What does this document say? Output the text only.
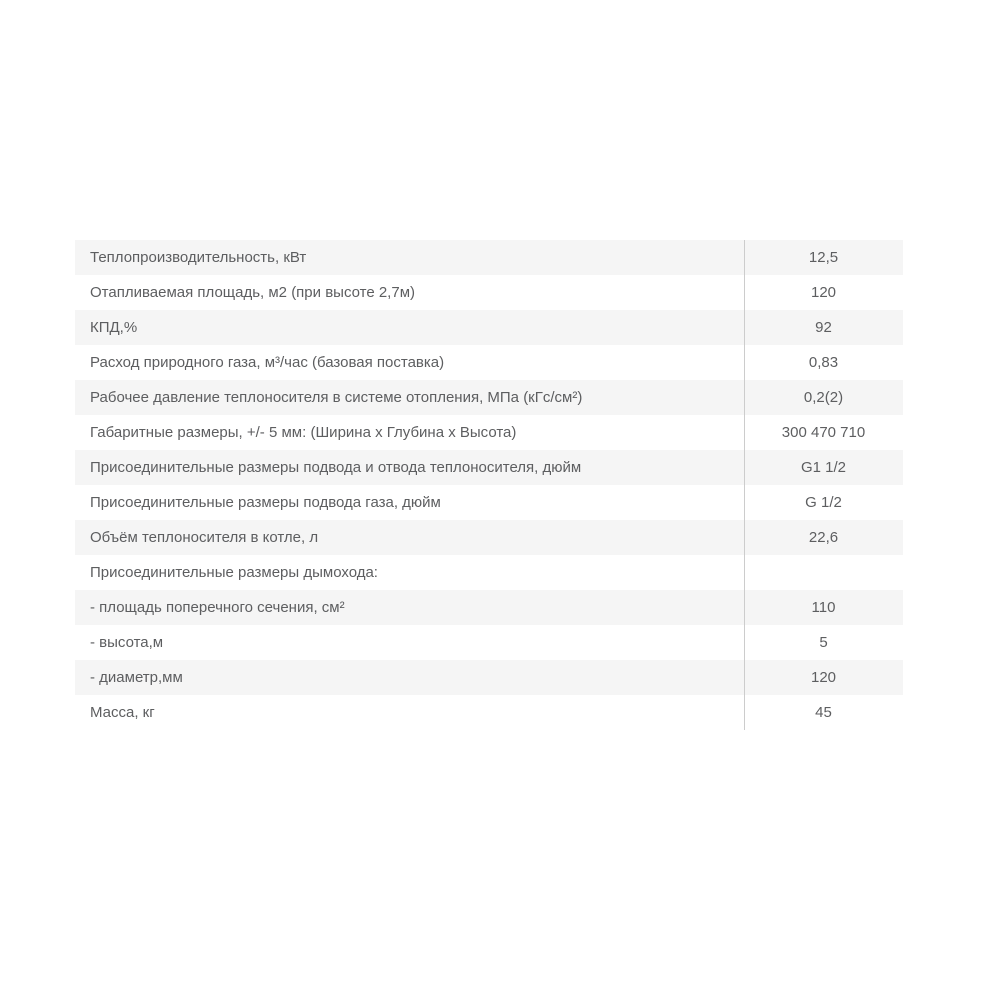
Теплопроизводительность, кВт	12,5
Отапливаемая площадь, м2 (при высоте 2,7м)	120
КПД,%	92
Расход природного газа, м³/час (базовая поставка)	0,83
Рабочее давление теплоносителя в системе отопления, МПа (кГс/см²)	0,2(2)
Габаритные размеры, +/- 5 мм: (Ширина х Глубина х Высота)	300 470 710
Присоединительные размеры подвода и отвода теплоносителя, дюйм	G1 1/2
Присоединительные размеры подвода газа, дюйм	G 1/2
Объём теплоносителя в котле, л	22,6
Присоединительные размеры дымохода:
- площадь поперечного сечения, см²	110
- высота,м	5
- диаметр,мм	120
Масса, кг	45
